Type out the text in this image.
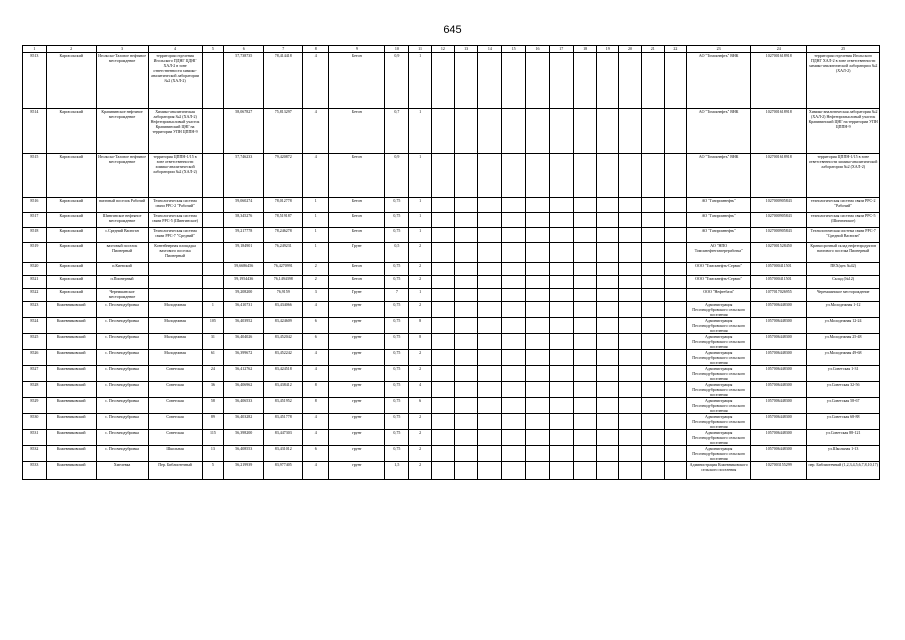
645
1	2	3	4	5	6	7	8	9	10	11	12	13	14	15	16	17	18	19	20	21	22	23	24	25
8513	Каргасокский	Игольско-Таловое нефтяное месторождение	территория отделения Игольского ПДНГ ЦДНГ ХАЛ-2 в зоне ответственности химико-аналитической лаборатории №2 (ХАЛ-2)		57,738735	78,414418	4	Бетон	0,9	1												АО "Томскнефть" ВНК	1027001618918	территория отделения Игольского ПДНГ ХАЛ-2 в зоне ответственности химико-аналитической лаборатории №2 (ХАЛ-2)
8514	Каргасокский	Крапивинское нефтяное месторождение	Химико-аналитическая лаборатория №2 (ХАЛ-2) Нефтепромысловый участок Крапивинский ЦНГ на территории УПН ЦППН-9		58,067827	75,813297	4	Бетон	0,7	1												АО "Томскнефть" ВНК	1027001618918	Химико-аналитическая лаборатория №2 (ХАЛ-2) Нефтепромысловый участок Крапивинский ЦНГ на территории УПН ЦППН-9
8515	Каргасокский	Игольско-Таловое нефтяное месторождение	территория ЦППН-1/15 в зоне ответственности химико-аналитической лаборатории №2 (ХАЛ-2)		57,746233	79,420872	4	Бетон	0,9	1												АО "Томскнефть" ВНК	1027001618918	территория ЦППН-1/15 в зоне ответственности химико-аналитической лаборатории №2 (ХАЛ-2)
8516	Каргасокский	вахтовый поселок Рабочий	Технологическая система связи РРС-2 "Рабочий"		59,060274	78,012778	1	Бетон	0,75	1												АО "Газпромнефть"	1027000905843	технологическая система связи РРС-2 "Рабочий"
8517	Каргасокский	Шингинское нефтяное месторождение	Технологическая система связи РРС-5 (Шингинское)		58,345276	78,519187	1	Бетон	0,75	1												АО "Газпромнефть"	1027000905843	технологическая система связи РРС-5 (Шингинское)
8518	Каргасокский	с.Средний Васюган	Технологическая система связи РРС-7 "Средний"		59,217778	78,246278	1	Бетон	0,75	1												АО "Газпромнефть"	1027000905843	Технологическая система связи РРС-7 "Средний Васюган"
8519	Каргасокский	вахтовый поселок Пионерный	Контейнерная площадка вахтового поселка Пионерный		59,184901	76,249231	1	Грунт	0,5	2												АО "НПО Томскнефтегазпереработка"	1027001528450	Краткосрочный склад нефтепродуктов вахтового поселка Пионерный
8520	Каргасокский	п.Киевский			59,6686456	76,4270991	2	Бетон	0,75	2												ООО "Томскнефть-Сервис"	1057000411501	ПЕХ(цех №42)
8521	Каргасокский	п.Пионерный			59,1954436	76,1494398	2	Бетон	0,75	2												ООО "Томскнефть-Сервис"	1057000411501	Склад (№12)
8522	Каргасокский	Черемшанское месторождение			59,208200	76,9159	3	Грунт	7	1												ООО "Нефтебаза"	1077017026955	Черемшанское месторождение
8523	Кожевниковский	с. Песочнодубровка	Молодежная	1	56,410731	83,434066	4	грунт	0,75	2												Администрация Песочнодубровского сельского поселения	1057006448300	ул.Молодежная 1-12
8524	Кожевниковский	с. Песочнодубровка	Молодежная	105	56,403952	83,424609	6	грунт	0,75	8												Администрация Песочнодубровского сельского поселения	1057006448300	ул.Молодежная 12-24
8525	Кожевниковский	с. Песочнодубровка	Молодежная	31	56,404026	83,452042	6	грунт	0,75	8												Администрация Песочнодубровского сельского поселения	1057006448300	ул.Молодежная 25-48
8526	Кожевниковский	с. Песочнодубровка	Молодежная	61	56,399672	83,452242	4	грунт	0,75	2												Администрация Песочнодубровского сельского поселения	1057006448300	ул.Молодежная 49-68
8527	Кожевниковский	с. Песочнодубровка	Советская	24	56,412762	83,424518	4	грунт	0,75	2												Администрация Песочнодубровского сельского поселения	1057006448300	ул.Советская 1-31
8528	Кожевниковский	с. Песочнодубровка	Советская	36	56,406962	83,438412	8	грунт	0,75	4												Администрация Песочнодубровского сельского поселения	1057006448300	ул.Советская 32-56
8529	Кожевниковский	с. Песочнодубровка	Советская	58	56,406533	83,451952	8	грунт	0,75	6												Администрация Песочнодубровского сельского поселения	1057006448300	ул.Советская 58-67
8530	Кожевниковский	с. Песочнодубровка	Советская	89	56,403282	83,451778	4	грунт	0,75	2												Администрация Песочнодубровского сельского поселения	1057006448300	ул.Советская 68-88
8531	Кожевниковский	с. Песочнодубровка	Советская	115	56,398200	83,447303	4	грунт	0,75	2												Администрация Песочнодубровского сельского поселения	1057006448300	ул.Советская 88-121
8532	Кожевниковский	с. Песочнодубровка	Школьная	13	56,408553	83,431012	6	грунт	0,75	2												Администрация Песочнодубровского сельского поселения	1057006448300	ул.Школьная 1-13
8533	Кожевниковский	Хмелевка	Пер. Библиотечный	5	56,219939	83,977405	4	грунт	1,5	2												Администрация Кожевниковского сельского поселения	1027003155299	пер. Библиотечный (1,2,3,4,5,6,7,8,10,17)
